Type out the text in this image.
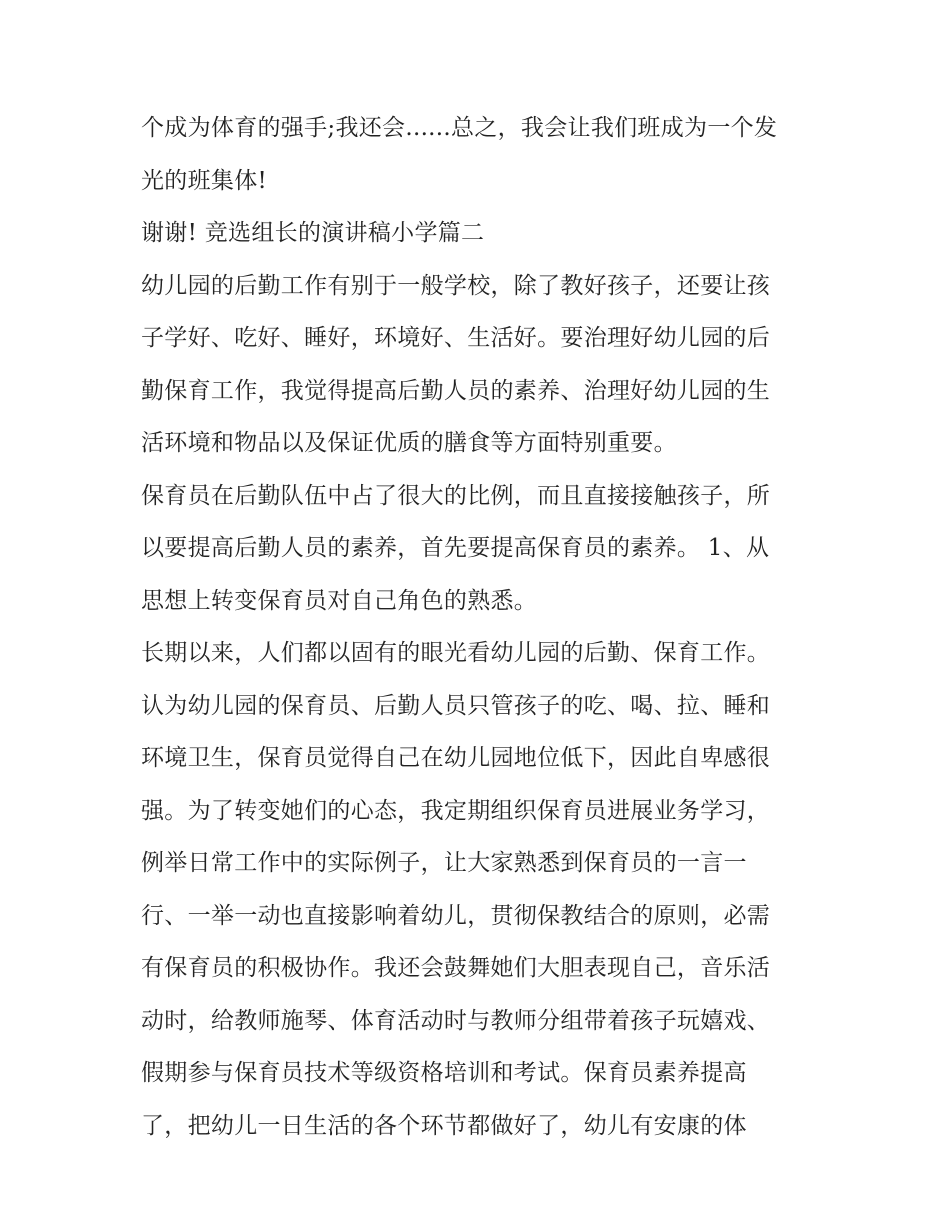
个成为体育的强手;我还会......总之，我会让我们班成为一个发
光的班集体!
谢谢! 竞选组长的演讲稿小学篇二
幼儿园的后勤工作有别于一般学校，除了教好孩子，还要让孩
子学好、吃好、睡好，环境好、生活好。要治理好幼儿园的后
勤保育工作，我觉得提高后勤人员的素养、治理好幼儿园的生
活环境和物品以及保证优质的膳食等方面特别重要。
保育员在后勤队伍中占了很大的比例，而且直接接触孩子，所
以要提高后勤人员的素养，首先要提高保育员的素养。 1、从
思想上转变保育员对自己角色的熟悉。
长期以来，人们都以固有的眼光看幼儿园的后勤、保育工作。
认为幼儿园的保育员、后勤人员只管孩子的吃、喝、拉、睡和
环境卫生，保育员觉得自己在幼儿园地位低下，因此自卑感很
强。为了转变她们的心态，我定期组织保育员进展业务学习，
例举日常工作中的实际例子，让大家熟悉到保育员的一言一
行、一举一动也直接影响着幼儿，贯彻保教结合的原则，必需
有保育员的积极协作。我还会鼓舞她们大胆表现自己，音乐活
动时，给教师施琴、体育活动时与教师分组带着孩子玩嬉戏、
假期参与保育员技术等级资格培训和考试。保育员素养提高
了，把幼儿一日生活的各个环节都做好了，幼儿有安康的体
